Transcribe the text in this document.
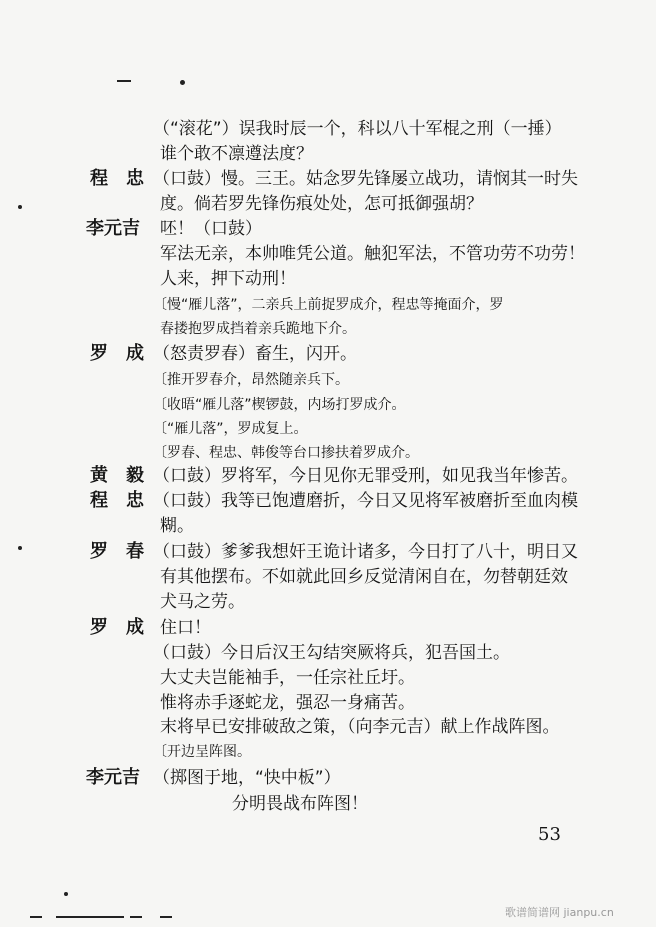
程　忠
李元吉
罗　成
黄　毅
程　忠
罗　春
罗　成
李元吉
（“滚花”）误我时辰一个，科以八十军棍之刑（一捶）
谁个敢不凛遵法度？
（口鼓）慢。三王。姑念罗先锋屡立战功，请悯其一时失
度。倘若罗先锋伤痕处处，怎可抵御强胡？
呸！（口鼓）
军法无亲，本帅唯凭公道。触犯军法，不管功劳不功劳！
人来，押下动刑！
〔慢“雁儿落”，二亲兵上前捉罗成介，程忠等掩面介，罗
春搂抱罗成挡着亲兵跪地下介。
（怒责罗春）畜生，闪开。
〔推开罗春介，昂然随亲兵下。
〔收晤“雁儿落”楔锣鼓，内场打罗成介。
〔“雁儿落”，罗成复上。
〔罗春、程忠、韩俊等台口掺扶着罗成介。
（口鼓）罗将军，今日见你无罪受刑，如见我当年惨苦。
（口鼓）我等已饱遭磨折，今日又见将军被磨折至血肉模
糊。
（口鼓）爹爹我想奸王诡计诸多，今日打了八十，明日又
有其他摆布。不如就此回乡反觉清闲自在，勿替朝廷效
犬马之劳。
住口！
（口鼓）今日后汉王勾结突厥将兵，犯吾国土。
大丈夫岂能袖手，一任宗社丘圩。
惟将赤手逐蛇龙，强忍一身痛苦。
末将早已安排破敌之策，（向李元吉）献上作战阵图。
〔开边呈阵图。
（掷图于地，“快中板”）
分明畏战布阵图！
53
歌谱简谱网 jianpu.cn
